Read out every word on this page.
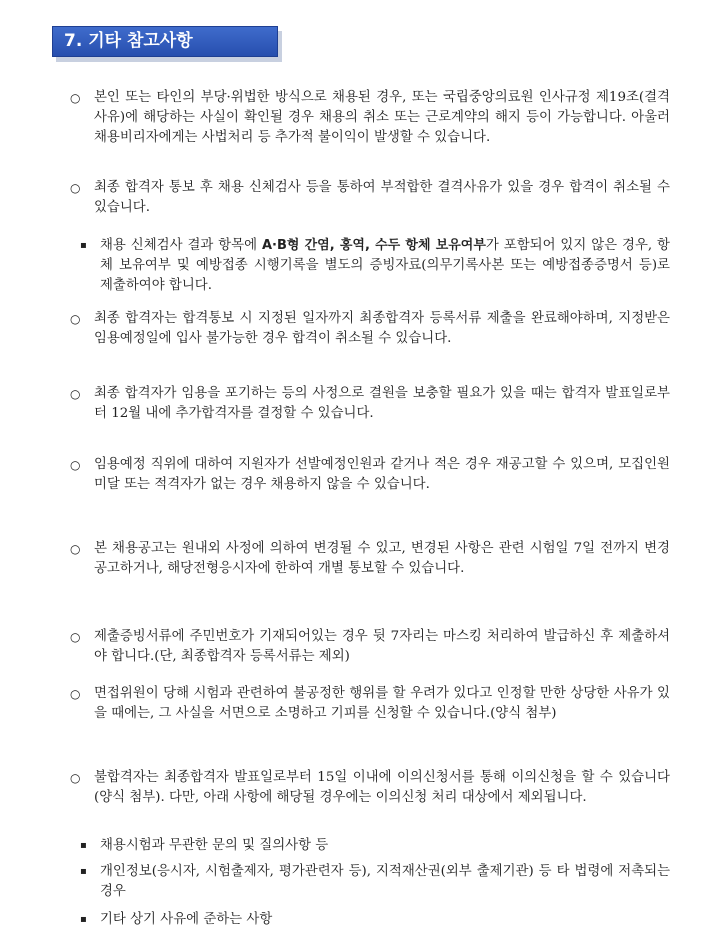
7. 기타 참고사항
○	본인 또는 타인의 부당·위법한 방식으로 채용된 경우, 또는 국립중앙의료원 인사규정 제19조(결격사유)에 해당하는 사실이 확인될 경우 채용의 취소 또는 근로계약의 해지 등이 가능합니다. 아울러 채용비리자에게는 사법처리 등 추가적 불이익이 발생할 수 있습니다.
○	최종 합격자 통보 후 채용 신체검사 등을 통하여 부적합한 결격사유가 있을 경우 합격이 취소될 수 있습니다.
▪ 채용 신체검사 결과 항목에 A·B형 간염, 홍역, 수두 항체 보유여부가 포함되어 있지 않은 경우, 항체 보유여부 및 예방접종 시행기록을 별도의 증빙자료(의무기록사본 또는 예방접종증명서 등)로 제출하여야 합니다.
○	최종 합격자는 합격통보 시 지정된 일자까지 최종합격자 등록서류 제출을 완료해야하며, 지정받은 임용예정일에 입사 불가능한 경우 합격이 취소될 수 있습니다.
○	최종 합격자가 임용을 포기하는 등의 사정으로 결원을 보충할 필요가 있을 때는 합격자 발표일로부터 12월 내에 추가합격자를 결정할 수 있습니다.
○	임용예정 직위에 대하여 지원자가 선발예정인원과 같거나 적은 경우 재공고할 수 있으며, 모집인원 미달 또는 적격자가 없는 경우 채용하지 않을 수 있습니다.
○	본 채용공고는 원내외 사정에 의하여 변경될 수 있고, 변경된 사항은 관련 시험일 7일 전까지 변경 공고하거나, 해당전형응시자에 한하여 개별 통보할 수 있습니다.
○	제출증빙서류에 주민번호가 기재되어있는 경우 뒷 7자리는 마스킹 처리하여 발급하신 후 제출하셔야 합니다.(단, 최종합격자 등록서류는 제외)
○	면접위원이 당해 시험과 관련하여 불공정한 행위를 할 우려가 있다고 인정할 만한 상당한 사유가 있을 때에는, 그 사실을 서면으로 소명하고 기피를 신청할 수 있습니다.(양식 첨부)
○	불합격자는 최종합격자 발표일로부터 15일 이내에 이의신청서를 통해 이의신청을 할 수 있습니다(양식 첨부). 다만, 아래 사항에 해당될 경우에는 이의신청 처리 대상에서 제외됩니다.
▪ 채용시험과 무관한 문의 및 질의사항 등
▪ 개인정보(응시자, 시험출제자, 평가관련자 등), 지적재산권(외부 출제기관) 등 타 법령에 저촉되는 경우
▪ 기타 상기 사유에 준하는 사항
